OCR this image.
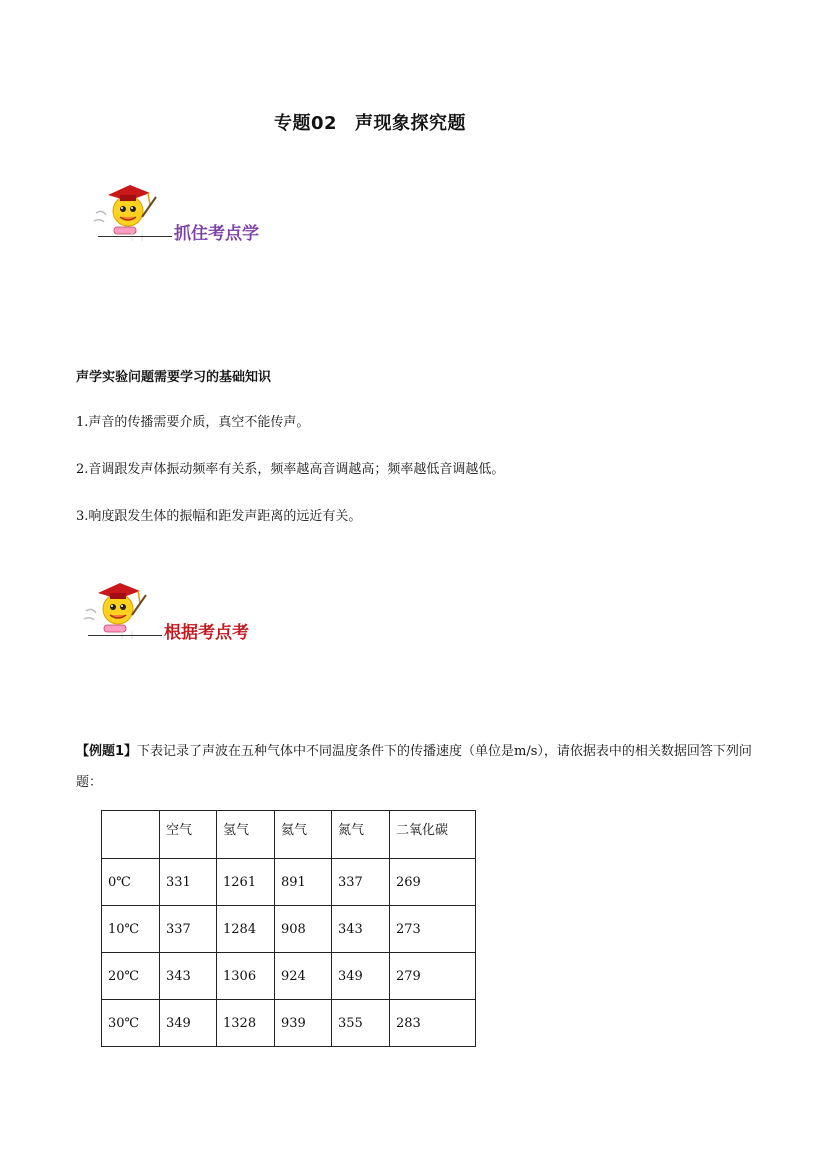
专题02 声现象探究题
抓住考点学
声学实验问题需要学习的基础知识
1.声音的传播需要介质，真空不能传声。
2.音调跟发声体振动频率有关系，频率越高音调越高；频率越低音调越低。
3.响度跟发生体的振幅和距发声距离的远近有关。
根据考点考
【例题1】下表记录了声波在五种气体中不同温度条件下的传播速度（单位是m/s），请依据表中的相关数据回答下列问题：
	空气	氢气	氦气	氮气	二氧化碳
0℃	331	1261	891	337	269
10℃	337	1284	908	343	273
20℃	343	1306	924	349	279
30℃	349	1328	939	355	283
